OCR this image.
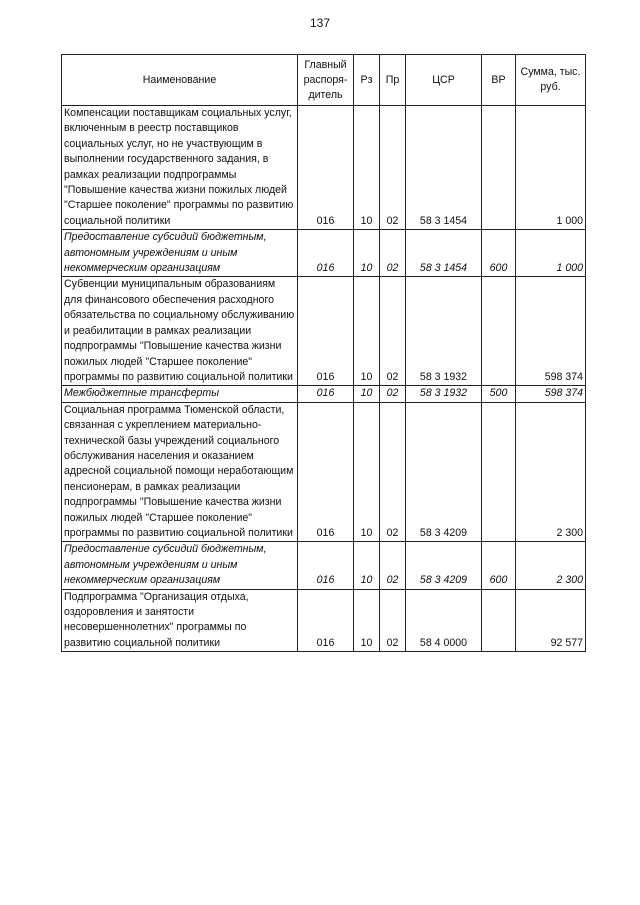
137
Наименование	Главный распоря-дитель	Рз	Пр	ЦСР	ВР	Сумма, тыс. руб.
Компенсации поставщикам социальных услуг, включенным в реестр поставщиков социальных услуг, но не участвующим в выполнении государственного задания, в рамках реализации подпрограммы "Повышение качества жизни пожилых людей "Старшее поколение" программы по развитию социальной политики	016	10	02	58 3 1454		1 000
Предоставление субсидий бюджетным, автономным учреждениям и иным некоммерческим организациям	016	10	02	58 3 1454	600	1 000
Субвенции муниципальным образованиям для финансового обеспечения расходного обязательства по социальному обслуживанию и реабилитации в рамках реализации подпрограммы "Повышение качества жизни пожилых людей "Старшее поколение" программы по развитию социальной политики	016	10	02	58 3 1932		598 374
Межбюджетные трансферты	016	10	02	58 3 1932	500	598 374
Социальная программа Тюменской области, связанная с укреплением материально-технической базы учреждений социального обслуживания населения и оказанием адресной социальной помощи неработающим пенсионерам, в рамках реализации подпрограммы "Повышение качества жизни пожилых людей "Старшее поколение" программы по развитию социальной политики	016	10	02	58 3 4209		2 300
Предоставление субсидий бюджетным, автономным учреждениям и иным некоммерческим организациям	016	10	02	58 3 4209	600	2 300
Подпрограмма "Организация отдыха, оздоровления и занятости несовершеннолетних" программы по развитию социальной политики	016	10	02	58 4 0000		92 577
